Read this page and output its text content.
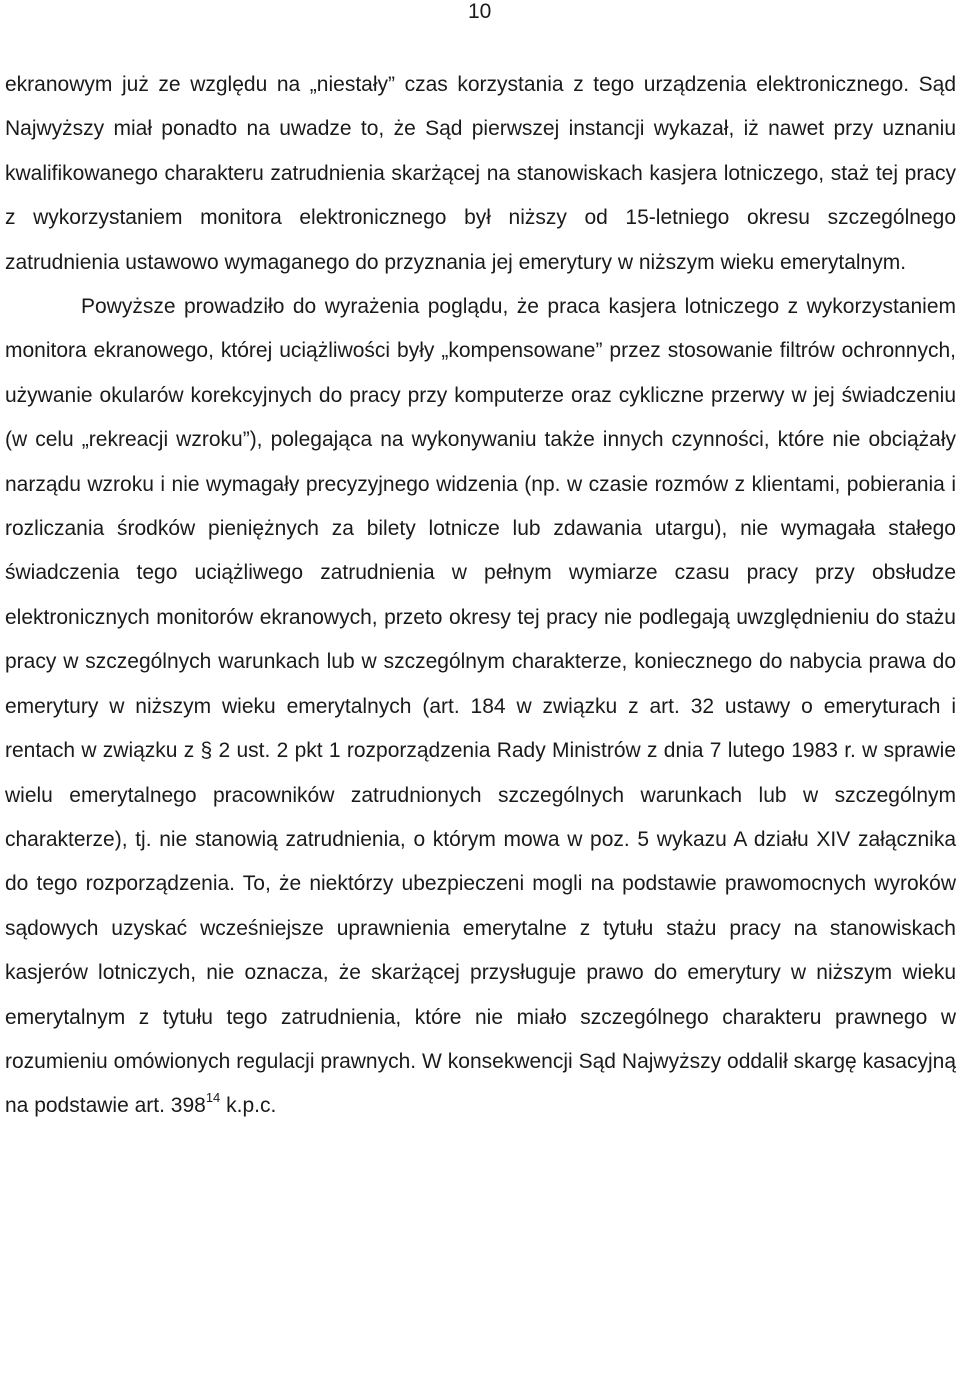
10

ekranowym już ze względu na „niestały” czas korzystania z tego urządzenia elektronicznego. Sąd Najwyższy miał ponadto na uwadze to, że Sąd pierwszej instancji wykazał, iż nawet przy uznaniu kwalifikowanego charakteru zatrudnienia skarżącej na stanowiskach kasjera lotniczego, staż tej pracy z wykorzystaniem monitora elektronicznego był niższy od 15-letniego okresu szczególnego zatrudnienia ustawowo wymaganego do przyznania jej emerytury w niższym wieku emerytalnym.

Powyższe prowadziło do wyrażenia poglądu, że praca kasjera lotniczego z wykorzystaniem monitora ekranowego, której uciążliwości były „kompensowane” przez stosowanie filtrów ochronnych, używanie okularów korekcyjnych do pracy przy komputerze oraz cykliczne przerwy w jej świadczeniu (w celu „rekreacji wzroku”), polegająca na wykonywaniu także innych czynności, które nie obciążały narządu wzroku i nie wymagały precyzyjnego widzenia (np. w czasie rozmów z klientami, pobierania i rozliczania środków pieniężnych za bilety lotnicze lub zdawania utargu), nie wymagała stałego świadczenia tego uciążliwego zatrudnienia w pełnym wymiarze czasu pracy przy obsłudze elektronicznych monitorów ekranowych, przeto okresy tej pracy nie podlegają uwzględnieniu do stażu pracy w szczególnych warunkach lub w szczególnym charakterze, koniecznego do nabycia prawa do emerytury w niższym wieku emerytalnych (art. 184 w związku z art. 32 ustawy o emeryturach i rentach w związku z § 2 ust. 2 pkt 1 rozporządzenia Rady Ministrów z dnia 7 lutego 1983 r. w sprawie wielu emerytalnego pracowników zatrudnionych szczególnych warunkach lub w szczególnym charakterze), tj. nie stanowią zatrudnienia, o którym mowa w poz. 5 wykazu A działu XIV załącznika do tego rozporządzenia. To, że niektórzy ubezpieczeni mogli na podstawie prawomocnych wyroków sądowych uzyskać wcześniejsze uprawnienia emerytalne z tytułu stażu pracy na stanowiskach kasjerów lotniczych, nie oznacza, że skarżącej przysługuje prawo do emerytury w niższym wieku emerytalnym z tytułu tego zatrudnienia, które nie miało szczególnego charakteru prawnego w rozumieniu omówionych regulacji prawnych. W konsekwencji Sąd Najwyższy oddalił skargę kasacyjną na podstawie art. $398^{14}$ k.p.c.
